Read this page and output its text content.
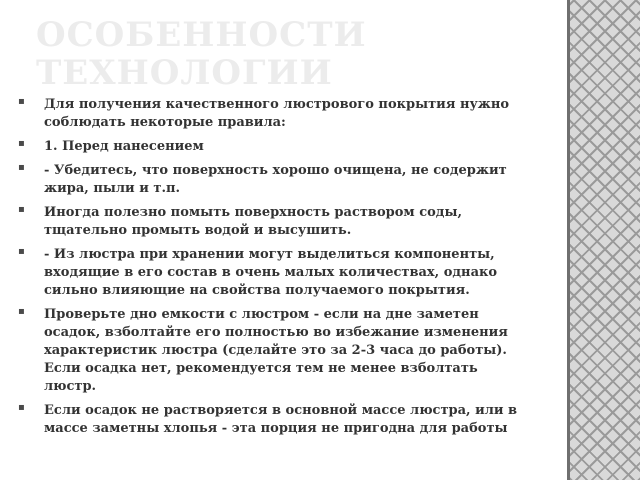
ОСОБЕННОСТИ ТЕХНОЛОГИИ
▪ Для получения качественного люстрового покрытия нужно соблюдать некоторые правила:
▪ 1. Перед нанесением
▪ - Убедитесь, что поверхность хорошо очищена, не содержит жира, пыли и т.п.
▪ Иногда полезно помыть поверхность раствором соды, тщательно промыть водой и высушить.
▪ - Из люстра при хранении могут выделиться компоненты, входящие в его состав в очень малых количествах, однако сильно влияющие на свойства получаемого покрытия.
▪ Проверьте дно емкости с люстром - если на дне заметен осадок, взболтайте его полностью во избежание изменения характеристик люстра (сделайте это за 2-3 часа до работы). Если осадка нет, рекомендуется тем не менее взболтать люстр.
▪ Если осадок не растворяется в основной массе люстра, или в массе заметны хлопья - эта порция не пригодна для работы
